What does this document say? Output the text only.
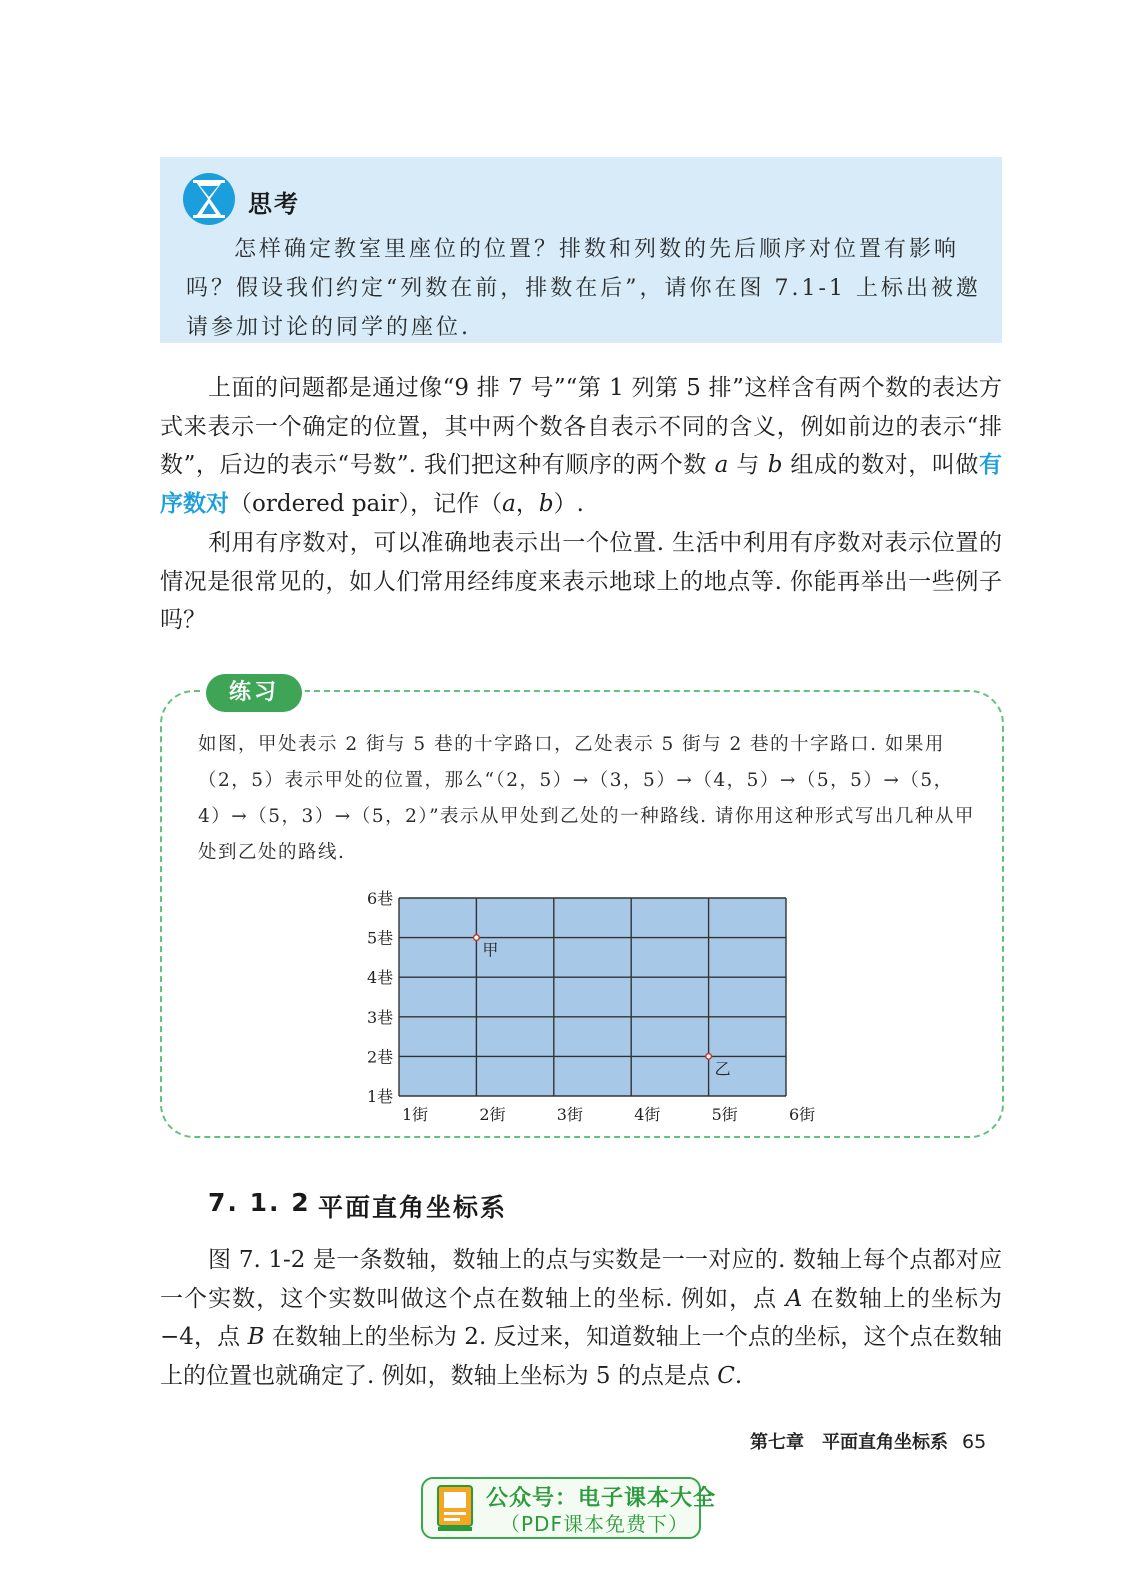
思考
怎样确定教室里座位的位置？排数和列数的先后顺序对位置有影响吗？假设我们约定“列数在前，排数在后”，请你在图 7.1-1 上标出被邀请参加讨论的同学的座位.
上面的问题都是通过像“9 排 7 号”“第 1 列第 5 排”这样含有两个数的表达方式来表示一个确定的位置，其中两个数各自表示不同的含义，例如前边的表示“排数”，后边的表示“号数”. 我们把这种有顺序的两个数 a 与 b 组成的数对，叫做有序数对（ordered pair），记作（a，b）.
利用有序数对，可以准确地表示出一个位置. 生活中利用有序数对表示位置的情况是很常见的，如人们常用经纬度来表示地球上的地点等. 你能再举出一些例子吗？
练习
如图，甲处表示 2 街与 5 巷的十字路口，乙处表示 5 街与 2 巷的十字路口. 如果用（2，5）表示甲处的位置，那么“（2，5）→（3，5）→（4，5）→（5，5）→（5，4）→（5，3）→（5，2）”表示从甲处到乙处的一种路线. 请你用这种形式写出几种从甲处到乙处的路线.
1街	2街	3街	4街	5街	6街
1巷
2巷
3巷
4巷
5巷
6巷
甲
乙
7. 1. 2 平面直角坐标系
图 7. 1-2 是一条数轴，数轴上的点与实数是一一对应的. 数轴上每个点都对应一个实数，这个实数叫做这个点在数轴上的坐标. 例如，点 A 在数轴上的坐标为−4，点 B 在数轴上的坐标为 2. 反过来，知道数轴上一个点的坐标，这个点在数轴上的位置也就确定了. 例如，数轴上坐标为 5 的点是点 C.
第七章　平面直角坐标系 65
公众号：电子课本大全
（PDF课本免费下）
